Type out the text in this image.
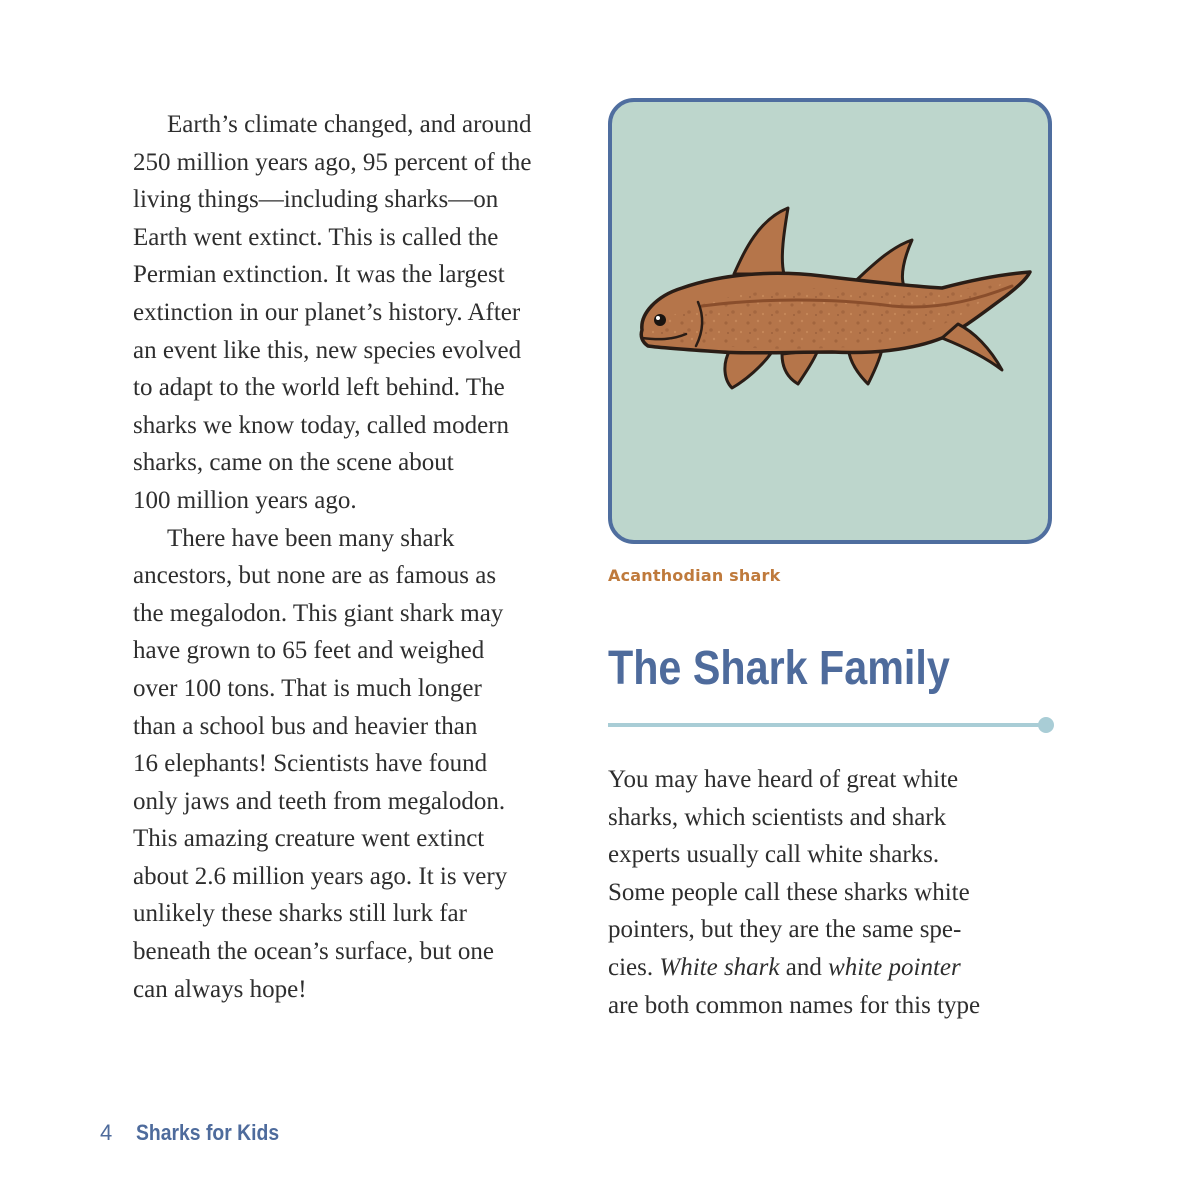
Earth’s climate changed, and around
250 million years ago, 95 percent of the
living things—including sharks—on
Earth went extinct. This is called the
Permian extinction. It was the largest
extinction in our planet’s history. After
an event like this, new species evolved
to adapt to the world left behind. The
sharks we know today, called modern
sharks, came on the scene about
100 million years ago.

There have been many shark
ancestors, but none are as famous as
the megalodon. This giant shark may
have grown to 65 feet and weighed
over 100 tons. That is much longer
than a school bus and heavier than
16 elephants! Scientists have found
only jaws and teeth from megalodon.
This amazing creature went extinct
about 2.6 million years ago. It is very
unlikely these sharks still lurk far
beneath the ocean’s surface, but one
can always hope!

Acanthodian shark
The Shark Family

You may have heard of great white
sharks, which scientists and shark
experts usually call white sharks.
Some people call these sharks white
pointers, but they are the same spe-
cies. White shark and white pointer
are both common names for this type

4 Sharks for Kids
